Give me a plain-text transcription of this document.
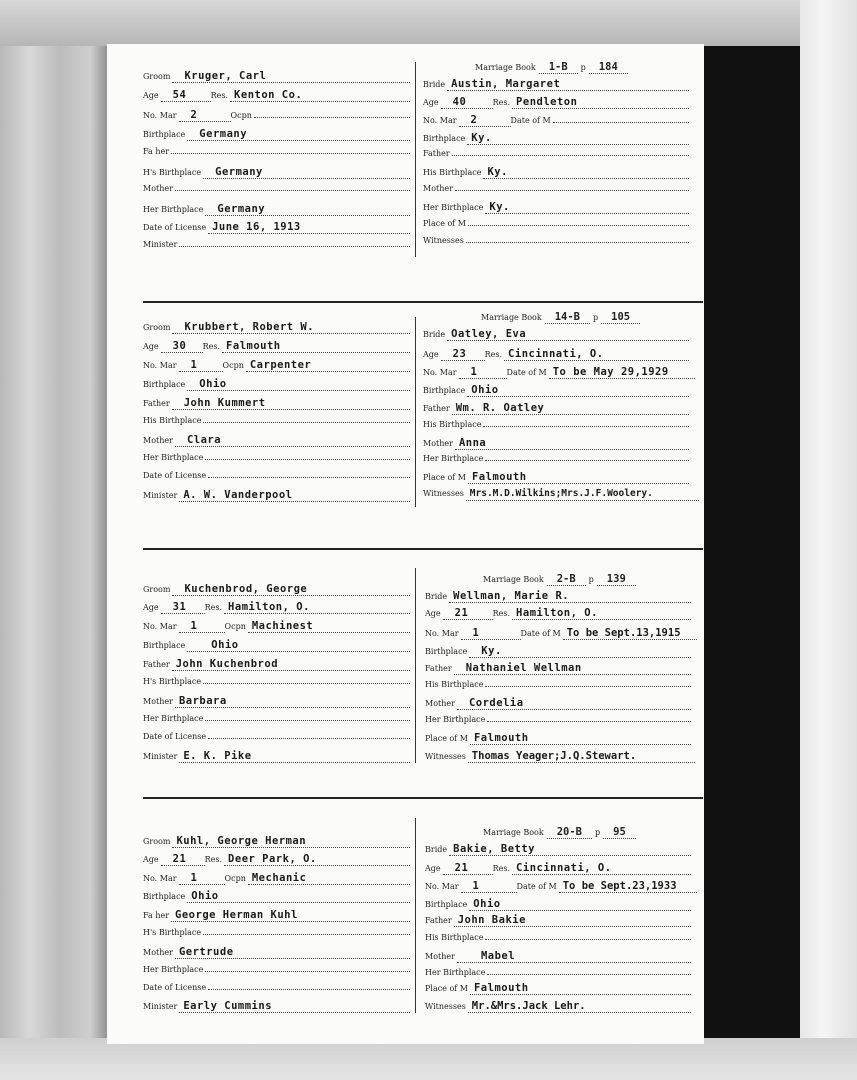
Groom	Kruger, Carl
Age	54	Res. Kenton Co.
No. Mar	2	Ocpn
Birthplace	Germany
Fa her
H's Birthplace	Germany
Mother
Her Birthplace	Germany
Date of License June 16, 1913
Minister
Marriage Book	1-B	p	184
Bride Austin, Margaret
Age	40	Res. Pendleton
No. Mar	2	Date of M
Birthplace Ky.
Father
His Birthplace Ky.
Mother
Her Birthplace Ky.
Place of M
Witnesses
Groom	Krubbert, Robert W.
Age	30	Res. Falmouth
No. Mar	1	Ocpn Carpenter
Birthplace	Ohio
Father	John Kummert
His Birthplace
Mother	Clara
Her Birthplace
Date of License
Minister A. W. Vanderpool
Marriage Book	14-B	p	105
Bride Oatley, Eva
Age	23	Res. Cincinnati, O.
No. Mar	1	Date of M To be May 29,1929
Birthplace Ohio
Father Wm. R. Oatley
His Birthplace
Mother Anna
Her Birthplace
Place of M Falmouth
Witnesses Mrs.M.D.Wilkins;Mrs.J.F.Woolery.
Groom	Kuchenbrod, George
Age	31	Res. Hamilton, O.
No. Mar	1	Ocpn Machinest
Birthplace	Ohio
Father John Kuchenbrod
H's Birthplace
Mother Barbara
Her Birthplace
Date of License
Minister E. K. Pike
Marriage Book	2-B	p	139
Bride Wellman, Marie R.
Age	21	Res. Hamilton, O.
No. Mar	1	Date of M To be Sept.13,1915
Birthplace	Ky.
Father	Nathaniel Wellman
His Birthplace
Mother	Cordelia
Her Birthplace
Place of M Falmouth
Witnesses Thomas Yeager;J.Q.Stewart.
Groom Kuhl, George Herman
Age	21	Res. Deer Park, O.
No. Mar	1	Ocpn Mechanic
Birthplace Ohio
Fa her George Herman Kuhl
H's Birthplace
Mother Gertrude
Her Birthplace
Date of License
Minister Early Cummins
Marriage Book	20-B	p	95
Bride Bakie, Betty
Age	21	Res. Cincinnati, O.
No. Mar	1	Date of M To be Sept.23,1933
Birthplace Ohio
Father John Bakie
His Birthplace
Mother	Mabel
Her Birthplace
Place of M Falmouth
Witnesses Mr.&Mrs.Jack Lehr.
